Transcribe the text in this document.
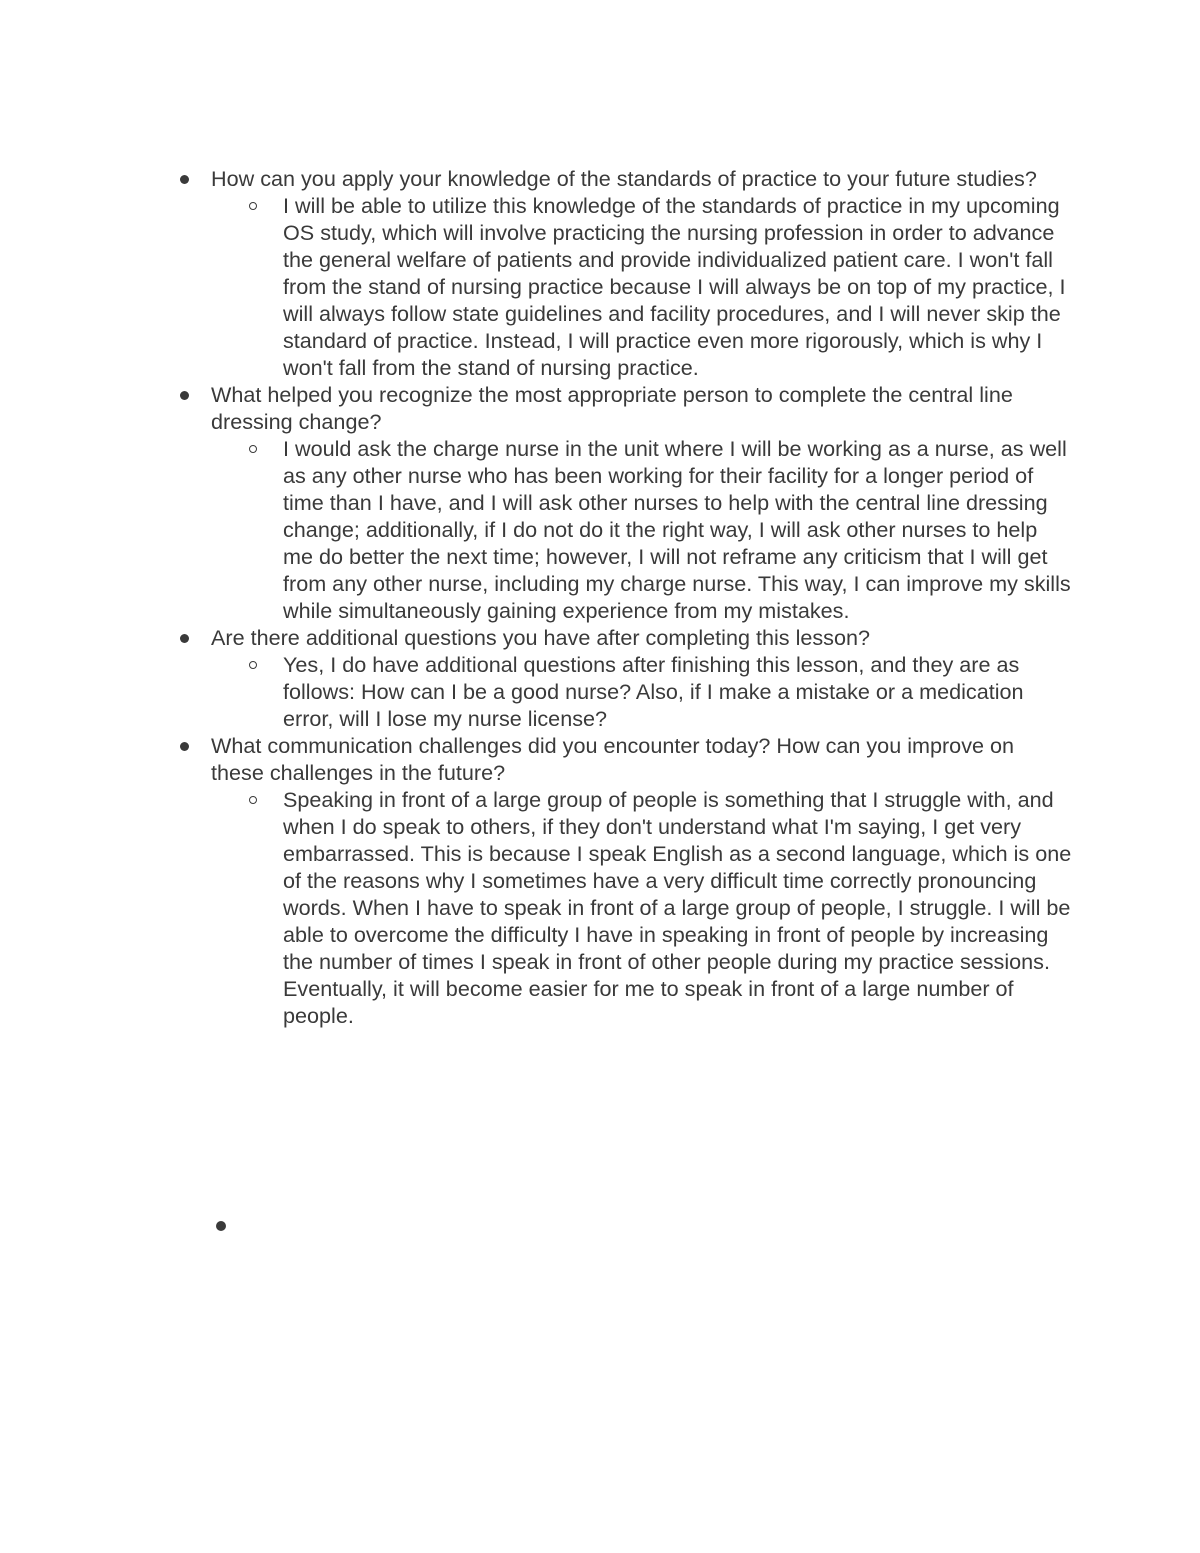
How can you apply your knowledge of the standards of practice to your future studies?
I will be able to utilize this knowledge of the standards of practice in my upcoming OS study, which will involve practicing the nursing profession in order to advance the general welfare of patients and provide individualized patient care. I won't fall from the stand of nursing practice because I will always be on top of my practice, I will always follow state guidelines and facility procedures, and I will never skip the standard of practice. Instead, I will practice even more rigorously, which is why I won't fall from the stand of nursing practice.
What helped you recognize the most appropriate person to complete the central line dressing change?
I would ask the charge nurse in the unit where I will be working as a nurse, as well as any other nurse who has been working for their facility for a longer period of time than I have, and I will ask other nurses to help with the central line dressing change; additionally, if I do not do it the right way, I will ask other nurses to help me do better the next time; however, I will not reframe any criticism that I will get from any other nurse, including my charge nurse. This way, I can improve my skills while simultaneously gaining experience from my mistakes.
Are there additional questions you have after completing this lesson?
Yes, I do have additional questions after finishing this lesson, and they are as follows: How can I be a good nurse? Also, if I make a mistake or a medication error, will I lose my nurse license?
What communication challenges did you encounter today? How can you improve on these challenges in the future?
Speaking in front of a large group of people is something that I struggle with, and when I do speak to others, if they don't understand what I'm saying, I get very embarrassed. This is because I speak English as a second language, which is one of the reasons why I sometimes have a very difficult time correctly pronouncing words. When I have to speak in front of a large group of people, I struggle. I will be able to overcome the difficulty I have in speaking in front of people by increasing the number of times I speak in front of other people during my practice sessions. Eventually, it will become easier for me to speak in front of a large number of people.
